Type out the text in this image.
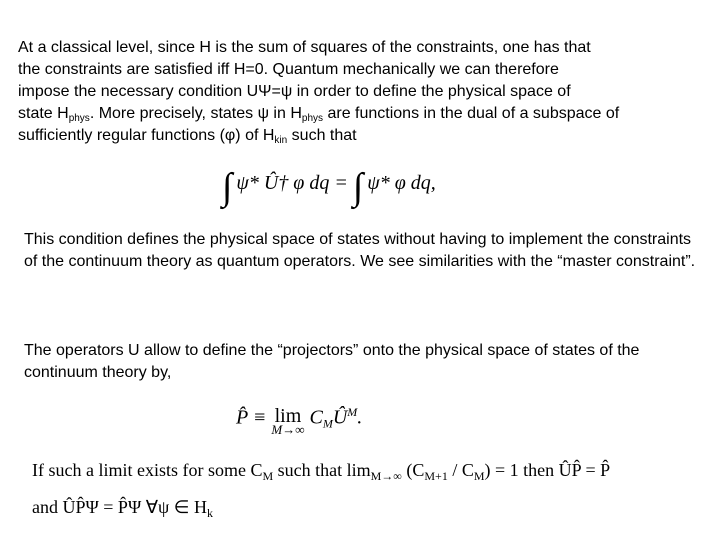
At a classical level, since H is the sum of squares of the constraints, one has that
the constraints are satisfied iff H=0. Quantum mechanically we can therefore
impose the necessary condition UΨ=ψ in order to define the physical space of
state $H_{phys}$. More precisely, states ψ in $H_{phys}$ are functions in the dual of a subspace of
sufficiently regular functions (φ) of $H_{kin}$ such that

∫ ψ* Û† φ dq = ∫ ψ* φ dq,

This condition defines the physical space of states without having to implement the constraints of the continuum theory as quantum operators. We see similarities with the “master constraint”.

The operators U allow to define the “projectors” onto the physical space of states of the continuum theory by,

P̂ ≡ lim
M→∞
$C_MÛ^M$.
If such a limit exists for some $C_M$ such that $\lim_{M\to\infty} (C_{M+1} / C_M) = 1$ then ÛP̂ = P̂
and ÛP̂Ψ = P̂Ψ ∀ψ ∈ $H_k$
